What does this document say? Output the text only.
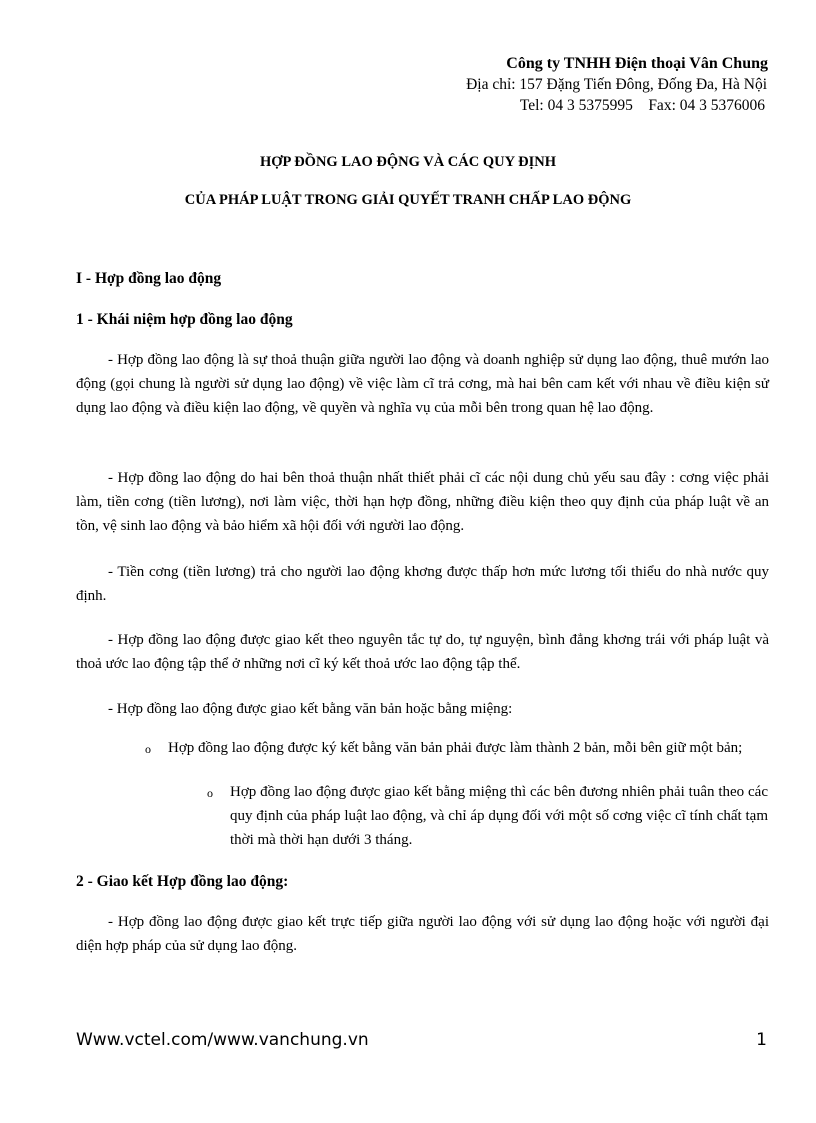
Công ty TNHH Điện thoại Vân Chung
Địa chỉ: 157 Đặng Tiến Đông, Đống Đa, Hà Nội
Tel: 04 3 5375995    Fax: 04 3 5376006
HỢP ĐỒNG LAO ĐỘNG VÀ CÁC QUY ĐỊNH
CỦA PHÁP LUẬT TRONG GIẢI QUYẾT TRANH CHẤP LAO ĐỘNG
I - Hợp đồng lao động
1 - Khái niệm hợp đồng lao động
- Hợp đồng lao động là sự thoả thuận giữa người lao động và doanh nghiệp sử dụng lao động, thuê mướn lao động (gọi chung là người sử dụng lao động) về việc làm cĩ trả cơng, mà hai bên cam kết với nhau về điều kiện sử dụng lao động và điều kiện lao động, về quyền và nghĩa vụ của mỗi bên trong quan hệ lao động.
- Hợp đồng lao động do hai bên thoả thuận nhất thiết phải cĩ các nội dung chủ yếu sau đây : cơng việc phải làm, tiền cơng (tiền lương), nơi làm việc, thời hạn hợp đồng, những điều kiện theo quy định của pháp luật về an tồn, vệ sinh lao động và bảo hiểm xã hội đối với người lao động.
- Tiền cơng (tiền lương) trả cho người lao động khơng được thấp hơn mức lương tối thiểu do nhà nước quy định.
- Hợp đồng lao động được giao kết theo nguyên tắc tự do, tự nguyện, bình đẳng khơng trái với pháp luật và thoả ước lao động tập thể ở những nơi cĩ ký kết thoả ước lao động tập thể.
- Hợp đồng lao động được giao kết bằng văn bản hoặc bằng miệng:
o Hợp đồng lao động được ký kết bằng văn bản phải được làm thành 2 bản, mỗi bên giữ một bản;
o Hợp đồng lao động được giao kết bằng miệng thì các bên đương nhiên phải tuân theo các quy định của pháp luật lao động, và chỉ áp dụng đối với một số cơng việc cĩ tính chất tạm thời mà thời hạn dưới 3 tháng.
2 - Giao kết Hợp đồng lao động:
- Hợp đồng lao động được giao kết trực tiếp giữa người lao động với sử dụng lao động hoặc với người đại diện hợp pháp của sử dụng lao động.
Www.vctel.com/www.vanchung.vn	1
